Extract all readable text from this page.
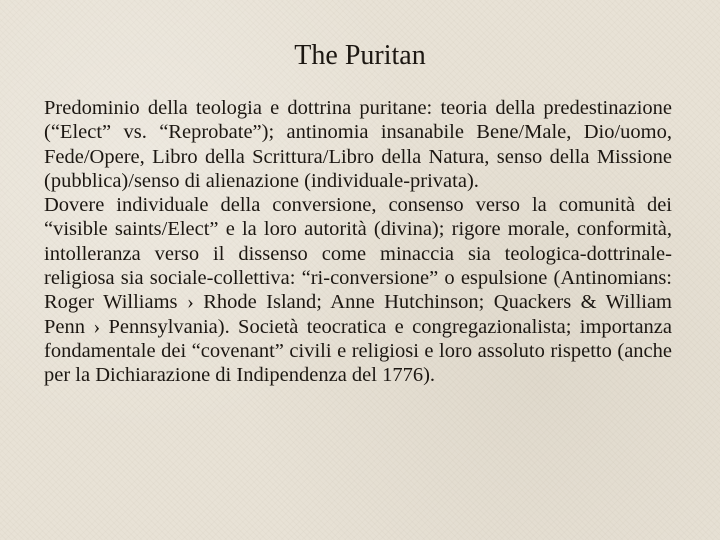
The Puritan

Predominio della teologia e dottrina puritane: teoria della predestinazione (“Elect” vs. “Reprobate”); antinomia insanabile Bene/Male, Dio/uomo, Fede/Opere, Libro della Scrittura/Libro della Natura, senso della Missione (pubblica)/senso di alienazione (individuale-privata).

Dovere individuale della conversione, consenso verso la comunità dei “visible saints/Elect” e la loro autorità (divina); rigore morale, conformità, intolleranza verso il dissenso come minaccia sia teologica-dottrinale-religiosa sia sociale-collettiva: “ri-conversione” o espulsione (Antinomians: Roger Williams › Rhode Island; Anne Hutchinson; Quackers & William Penn › Pennsylvania). Società teocratica e congregazionalista; importanza fondamentale dei “covenant” civili e religiosi e loro assoluto rispetto (anche per la Dichiarazione di Indipendenza del 1776).
